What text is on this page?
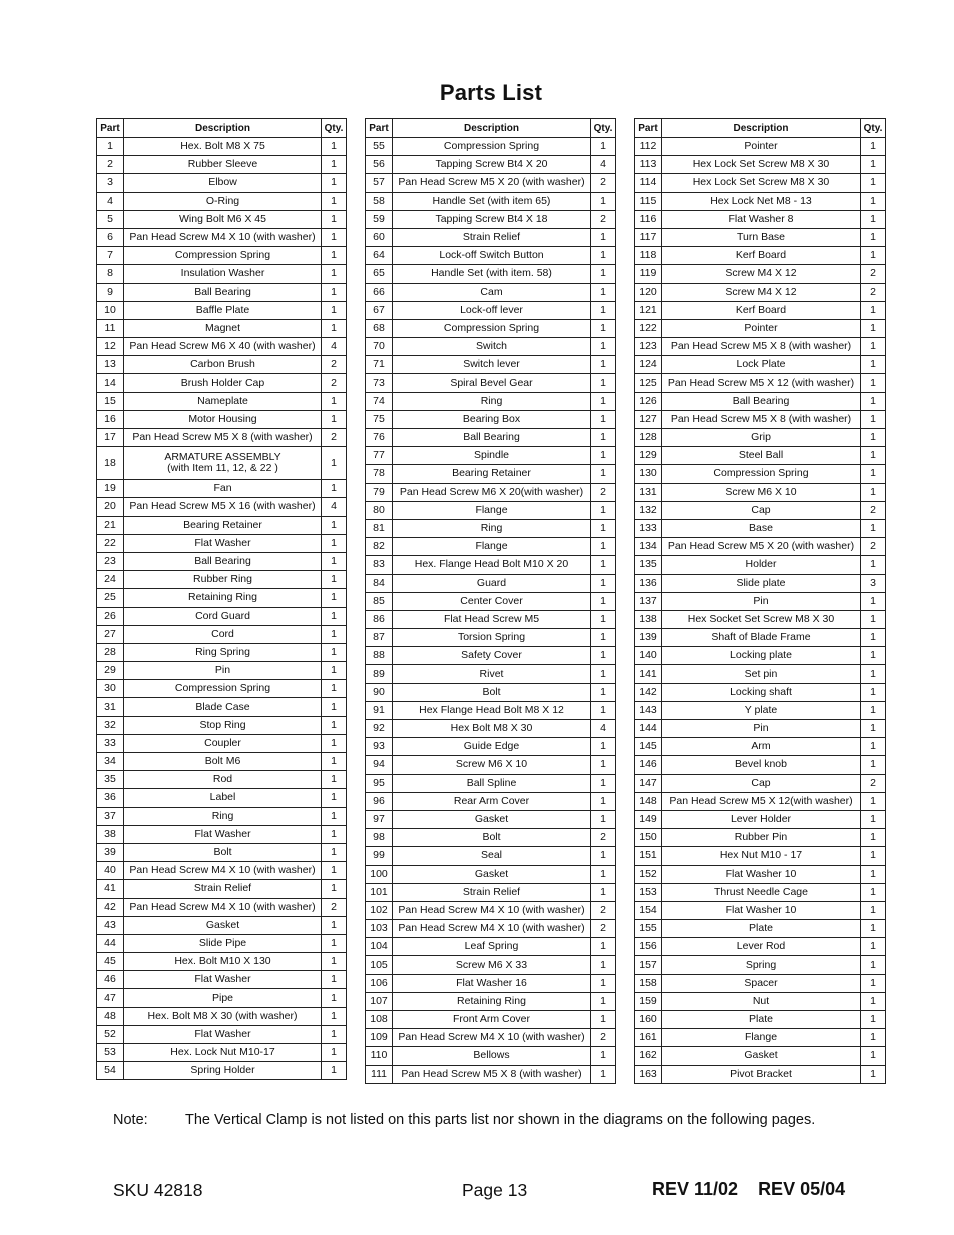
Parts List
Part	Description	Qty.
1	Hex. Bolt M8 X 75	1
2	Rubber Sleeve	1
3	Elbow	1
4	O-Ring	1
5	Wing Bolt M6 X 45	1
6	Pan Head Screw M4 X 10 (with washer)	1
7	Compression Spring	1
8	Insulation Washer	1
9	Ball Bearing	1
10	Baffle Plate	1
11	Magnet	1
12	Pan Head Screw M6 X 40 (with washer)	4
13	Carbon Brush	2
14	Brush Holder Cap	2
15	Nameplate	1
16	Motor Housing	1
17	Pan Head Screw M5 X 8 (with washer)	2
18	ARMATURE ASSEMBLY
(with Item 11, 12, & 22 )	1
19	Fan	1
20	Pan Head Screw M5 X 16 (with washer)	4
21	Bearing Retainer	1
22	Flat Washer	1
23	Ball Bearing	1
24	Rubber Ring	1
25	Retaining Ring	1
26	Cord Guard	1
27	Cord	1
28	Ring Spring	1
29	Pin	1
30	Compression Spring	1
31	Blade Case	1
32	Stop Ring	1
33	Coupler	1
34	Bolt M6	1
35	Rod	1
36	Label	1
37	Ring	1
38	Flat Washer	1
39	Bolt	1
40	Pan Head Screw M4 X 10 (with washer)	1
41	Strain Relief	1
42	Pan Head Screw M4 X 10 (with washer)	2
43	Gasket	1
44	Slide Pipe	1
45	Hex. Bolt M10 X 130	1
46	Flat Washer	1
47	Pipe	1
48	Hex. Bolt M8 X 30 (with washer)	1
52	Flat Washer	1
53	Hex. Lock Nut M10-17	1
54	Spring Holder	1
Part	Description	Qty.
55	Compression Spring	1
56	Tapping Screw Bt4 X 20	4
57	Pan Head Screw M5 X 20 (with washer)	2
58	Handle Set (with item 65)	1
59	Tapping Screw Bt4 X 18	2
60	Strain Relief	1
64	Lock-off Switch Button	1
65	Handle Set (with item. 58)	1
66	Cam	1
67	Lock-off lever	1
68	Compression Spring	1
70	Switch	1
71	Switch lever	1
73	Spiral Bevel Gear	1
74	Ring	1
75	Bearing Box	1
76	Ball Bearing	1
77	Spindle	1
78	Bearing Retainer	1
79	Pan Head Screw M6 X 20(with washer)	2
80	Flange	1
81	Ring	1
82	Flange	1
83	Hex. Flange Head Bolt M10 X 20	1
84	Guard	1
85	Center Cover	1
86	Flat Head Screw M5	1
87	Torsion Spring	1
88	Safety Cover	1
89	Rivet	1
90	Bolt	1
91	Hex Flange Head Bolt M8 X 12	1
92	Hex Bolt M8 X 30	4
93	Guide Edge	1
94	Screw M6 X 10	1
95	Ball Spline	1
96	Rear Arm Cover	1
97	Gasket	1
98	Bolt	2
99	Seal	1
100	Gasket	1
101	Strain Relief	1
102	Pan Head Screw M4 X 10 (with washer)	2
103	Pan Head Screw M4 X 10 (with washer)	2
104	Leaf Spring	1
105	Screw M6 X 33	1
106	Flat Washer 16	1
107	Retaining Ring	1
108	Front Arm Cover	1
109	Pan Head Screw M4 X 10 (with washer)	2
110	Bellows	1
111	Pan Head Screw M5 X 8 (with washer)	1
Part	Description	Qty.
112	Pointer	1
113	Hex Lock Set Screw M8 X 30	1
114	Hex Lock Set Screw M8 X 30	1
115	Hex Lock Net M8 - 13	1
116	Flat Washer 8	1
117	Turn Base	1
118	Kerf Board	1
119	Screw M4 X 12	2
120	Screw M4 X 12	2
121	Kerf Board	1
122	Pointer	1
123	Pan Head Screw M5 X 8 (with washer)	1
124	Lock Plate	1
125	Pan Head Screw M5 X 12 (with washer)	1
126	Ball Bearing	1
127	Pan Head Screw M5 X 8 (with washer)	1
128	Grip	1
129	Steel Ball	1
130	Compression Spring	1
131	Screw M6 X 10	1
132	Cap	2
133	Base	1
134	Pan Head Screw M5 X 20 (with washer)	2
135	Holder	1
136	Slide plate	3
137	Pin	1
138	Hex Socket Set Screw M8 X 30	1
139	Shaft of Blade Frame	1
140	Locking plate	1
141	Set pin	1
142	Locking shaft	1
143	Y plate	1
144	Pin	1
145	Arm	1
146	Bevel knob	1
147	Cap	2
148	Pan Head Screw M5 X 12(with washer)	1
149	Lever Holder	1
150	Rubber Pin	1
151	Hex Nut M10 - 17	1
152	Flat Washer 10	1
153	Thrust Needle Cage	1
154	Flat Washer 10	1
155	Plate	1
156	Lever Rod	1
157	Spring	1
158	Spacer	1
159	Nut	1
160	Plate	1
161	Flange	1
162	Gasket	1
163	Pivot Bracket	1
Note:	The Vertical Clamp is not listed on this parts list nor shown in the diagrams on the following pages.
SKU 42818	Page 13	REV 11/02 REV 05/04
